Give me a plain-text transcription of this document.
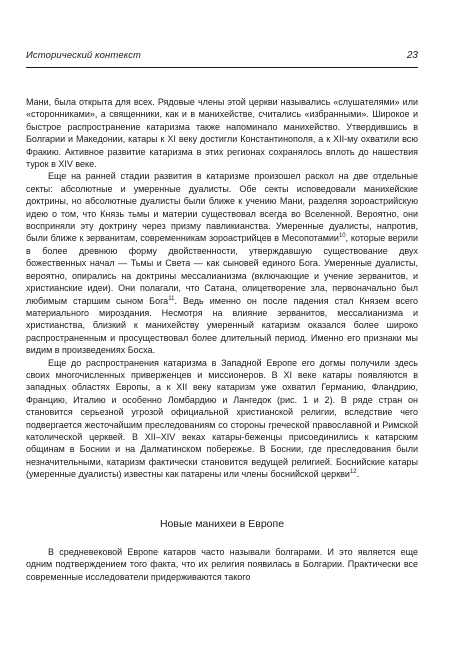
Исторический контекст	23

Мани, была открыта для всех. Рядовые члены этой церкви назывались «слушателями» или «сторонниками», а священники, как и в манихействе, считались «избранными». Широкое и быстрое распространение катаризма также напоминало манихейство. Утвердившись в Болгарии и Македонии, катары к XI веку достигли Константинополя, а к XII-му охватили всю Фракию. Активное развитие катаризма в этих регионах сохранялось вплоть до нашествия турок в XIV веке.

Еще на ранней стадии развития в катаризме произошел раскол на две отдельные секты: абсолютные и умеренные дуалисты. Обе секты исповедовали манихейские доктрины, но абсолютные дуалисты были ближе к учению Мани, разделяя зороастрийскую идею о том, что Князь тьмы и материи существовал всегда во Вселенной. Вероятно, они восприняли эту доктрину через призму павликианства. Умеренные дуалисты, напротив, были ближе к зерванитам, современникам зороастрийцев в Месопотамии$^{10}$, которые верили в более древнюю форму двойственности, утверждавшую существование двух божественных начал — Тьмы и Света — как сыновей единого Бога. Умеренные дуалисты, вероятно, опирались на доктрины мессалианизма (включающие и учение зерванитов, и христианские идеи). Они полагали, что Сатана, олицетворение зла, первоначально был любимым старшим сыном Бога$^{11}$. Ведь именно он после падения стал Князем всего материального мироздания. Несмотря на влияние зерванитов, мессалианизма и христианства, близкий к манихейству умеренный катаризм оказался более широко распространенным и просуществовал более длительный период. Именно его признаки мы видим в произведениях Босха.

Еще до распространения катаризма в Западной Европе его догмы получили здесь своих многочисленных приверженцев и миссионеров. В XI веке катары появляются в западных областях Европы, а к XII веку катаризм уже охватил Германию, Фландрию, Францию, Италию и особенно Ломбардию и Лангедок (рис. 1 и 2). В ряде стран он становится серьезной угрозой официальной христианской религии, вследствие чего подвергается жесточайшим преследованиям со стороны греческой православной и Римской католической церквей. В XII–XIV веках катары-беженцы присоединились к катарским общинам в Боснии и на Далматинском побережье. В Боснии, где преследования были незначительными, катаризм фактически становится ведущей религией. Боснийские катары (умеренные дуалисты) известны как патарены или члены боснийской церкви$^{12}$.

Новые манихеи в Европе

В средневековой Европе катаров часто называли болгарами. И это является еще одним подтверждением того факта, что их религия появилась в Болгарии. Практически все современные исследователи придерживаются такого
